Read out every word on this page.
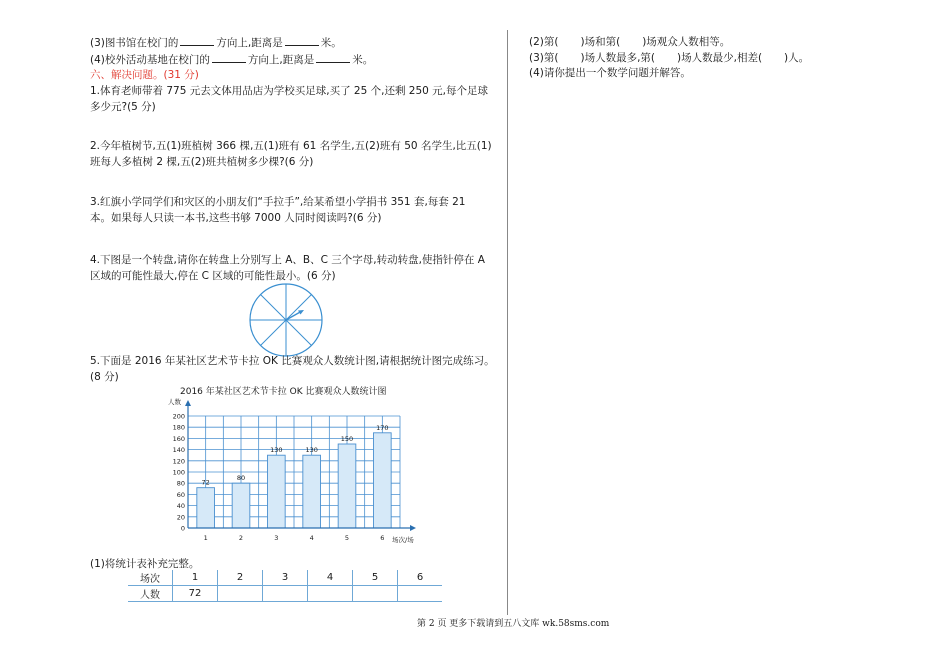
(3)图书馆在校门的	方向上,距离是	米。
(4)校外活动基地在校门的	方向上,距离是	米。
六、解决问题。(31 分)
1.体育老师带着 775 元去文体用品店为学校买足球,买了 25 个,还剩 250 元,每个足球
多少元?(5 分)
2.今年植树节,五(1)班植树 366 棵,五(1)班有 61 名学生,五(2)班有 50 名学生,比五(1)
班每人多植树 2 棵,五(2)班共植树多少棵?(6 分)
3.红旗小学同学们和灾区的小朋友们“手拉手”,给某希望小学捐书 351 套,每套 21
本。如果每人只读一本书,这些书够 7000 人同时阅读吗?(6 分)
4.下图是一个转盘,请你在转盘上分别写上 A、B、C 三个字母,转动转盘,使指针停在 A
区域的可能性最大,停在 C 区域的可能性最小。(6 分)
5.下面是 2016 年某社区艺术节卡拉 OK 比赛观众人数统计图,请根据统计图完成练习。
(8 分)
2016 年某社区艺术节卡拉 OK 比赛观众人数统计图
人数
场次/场
0
20
40
60
80
100
120
140
160
180
200
72
1
80
2
130
3
130
4
150
5
170
6
(1)将统计表补充完整。
场次	1	2	3	4	5	6
人数	72					
(2)第( )场和第( )场观众人数相等。
(3)第( )场人数最多,第( )场人数最少,相差( )人。
(4)请你提出一个数学问题并解答。
第 2 页 更多下载请到五八文库 wk.58sms.com
